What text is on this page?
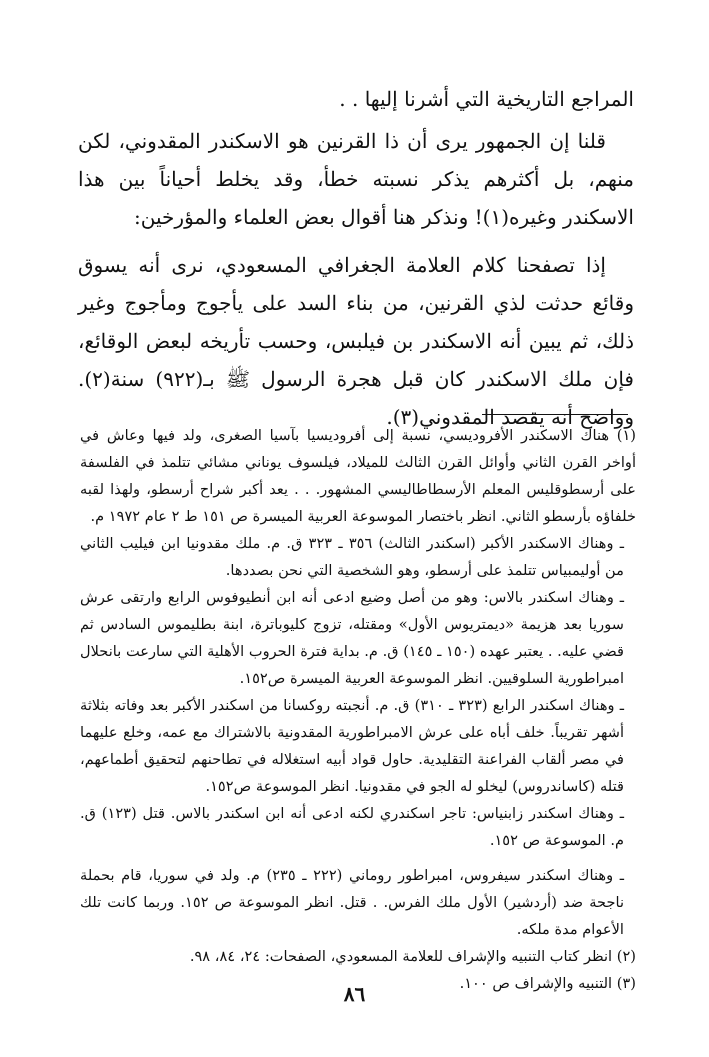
المراجع التاريخية التي أشرنا إليها . .

قلنا إن الجمهور يرى أن ذا القرنين هو الاسكندر المقدوني، لكن منهم، بل أكثرهم يذكر نسبته خطأ، وقد يخلط أحياناً بين هذا الاسكندر وغيره(١)! ونذكر هنا أقوال بعض العلماء والمؤرخين:

إذا تصفحنا كلام العلامة الجغرافي المسعودي، نرى أنه يسوق وقائع حدثت لذي القرنين، من بناء السد على يأجوج ومأجوج وغير ذلك، ثم يبين أنه الاسكندر بن فيلبس، وحسب تأريخه لبعض الوقائع، فإن ملك الاسكندر كان قبل هجرة الرسول ﷺ بـ(٩٢٢) سنة(٢). وواضح أنه يقصد المقدوني(٣).

(١) هناك الاسكندر الأفروديسي، نسبة إلى أفروديسيا بآسيا الصغرى، ولد فيها وعاش في أواخر القرن الثاني وأوائل القرن الثالث للميلاد، فيلسوف يوناني مشائي تتلمذ في الفلسفة على أرسطوقليس المعلم الأرسطاطاليسي المشهور. . . يعد أكبر شراح أرسطو، ولهذا لقبه خلفاؤه بأرسطو الثاني. انظر باختصار الموسوعة العربية الميسرة ص ١٥١ ط ٢ عام ١٩٧٢ م.

ـ وهناك الاسكندر الأكبر (اسكندر الثالث) ٣٥٦ ـ ٣٢٣ ق. م. ملك مقدونيا ابن فيليب الثاني من أوليمبياس تتلمذ على أرسطو، وهو الشخصية التي نحن بصددها.

ـ وهناك اسكندر بالاس: وهو من أصل وضيع ادعى أنه ابن أنطيوفوس الرابع وارتقى عرش سوريا بعد هزيمة «ديمتريوس الأول» ومقتله، تزوج كليوباترة، ابنة بطليموس السادس ثم قضي عليه. . يعتبر عهده (١٥٠ ـ ١٤٥) ق. م. بداية فترة الحروب الأهلية التي سارعت بانحلال امبراطورية السلوقيين. انظر الموسوعة العربية الميسرة ص١٥٢.

ـ وهناك اسكندر الرابع (٣٢٣ ـ ٣١٠) ق. م. أنجبته روكسانا من اسكندر الأكبر بعد وفاته بثلاثة أشهر تقريباً. خلف أباه على عرش الامبراطورية المقدونية بالاشتراك مع عمه، وخلع عليهما في مصر ألقاب الفراعنة التقليدية. حاول قواد أبيه استغلاله في تطاحنهم لتحقيق أطماعهم، قتله (كاساندروس) ليخلو له الجو في مقدونيا. انظر الموسوعة ص١٥٢.

ـ وهناك اسكندر زابنياس: تاجر اسكندري لكنه ادعى أنه ابن اسكندر بالاس. قتل (١٢٣) ق. م. الموسوعة ص ١٥٢.

ـ وهناك اسكندر سيفروس، امبراطور روماني (٢٢٢ ـ ٢٣٥) م. ولد في سوريا، قام بحملة ناجحة ضد (أردشير) الأول ملك الفرس. . قتل. انظر الموسوعة ص ١٥٢. وربما كانت تلك الأعوام مدة ملكه.

(٢) انظر كتاب التنبيه والإشراف للعلامة المسعودي، الصفحات: ٢٤، ٨٤، ٩٨.

(٣) التنبيه والإشراف ص ١٠٠.

٨٦
